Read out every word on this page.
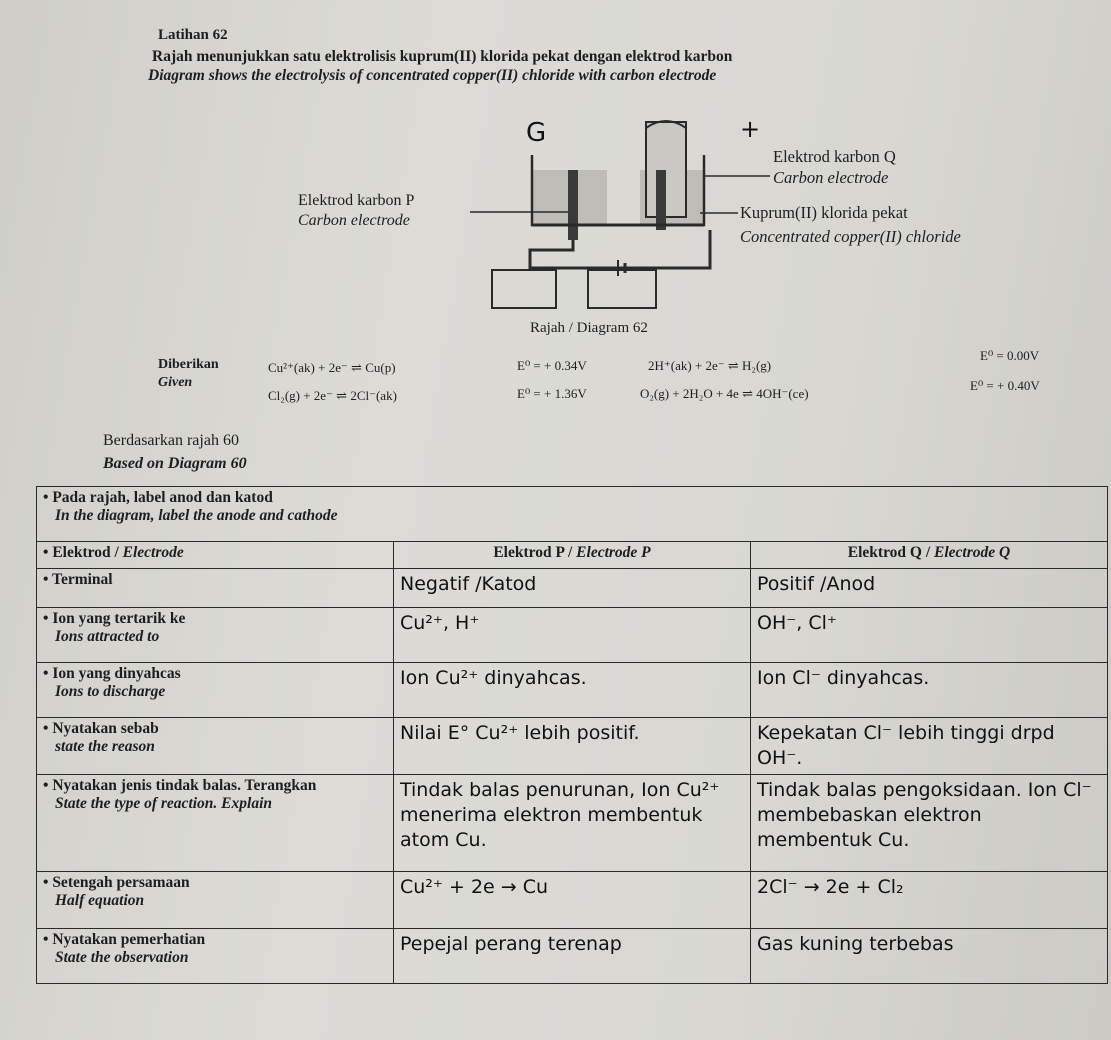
Latihan 62
Rajah menunjukkan satu elektrolisis kuprum(II) klorida pekat dengan elektrod karbon
Diagram shows the electrolysis of concentrated copper(II) chloride with carbon electrode
G	+
Elektrod karbon P
Carbon electrode
Elektrod karbon Q
Carbon electrode
Kuprum(II) klorida pekat
Concentrated copper(II) chloride
Rajah / Diagram 62
Diberikan
Given
Cu²⁺(ak) + 2e⁻ ⇌ Cu(p)	E⁰ = + 0.34V	2H⁺(ak) + 2e⁻ ⇌ H₂(g)
E⁰ = 0.00V
Cl₂(g) + 2e⁻ ⇌ 2Cl⁻(ak)	E⁰ = + 1.36V	O₂(g) + 2H₂O + 4e ⇌ 4OH⁻(ce)
E⁰ = + 0.40V
Berdasarkan rajah 60
Based on Diagram 60
• Pada rajah, label anod dan katod
In the diagram, label the anode and cathode

• Elektrod / Electrode	Elektrod P / Electrode P	Elektrod Q / Electrode Q
• Terminal	Negatif /Katod	Positif /Anod
• Ion yang tertarik ke
Ions attracted to	Cu²⁺, H⁺	OH⁻, Cl⁺
• Ion yang dinyahcas
Ions to discharge	Ion Cu²⁺ dinyahcas.	Ion Cl⁻ dinyahcas.
• Nyatakan sebab
state the reason	Nilai E° Cu²⁺ lebih positif.	Kepekatan Cl⁻ lebih tinggi drpd OH⁻.
• Nyatakan jenis tindak balas. Terangkan
State the type of reaction. Explain	Tindak balas penurunan, Ion Cu²⁺ menerima elektron membentuk atom Cu.	Tindak balas pengoksidaan. Ion Cl⁻ membebaskan elektron membentuk Cu.
• Setengah persamaan
Half equation	Cu²⁺ + 2e → Cu	2Cl⁻ → 2e + Cl₂
• Nyatakan pemerhatian
State the observation	Pepejal perang terenap	Gas kuning terbebas
